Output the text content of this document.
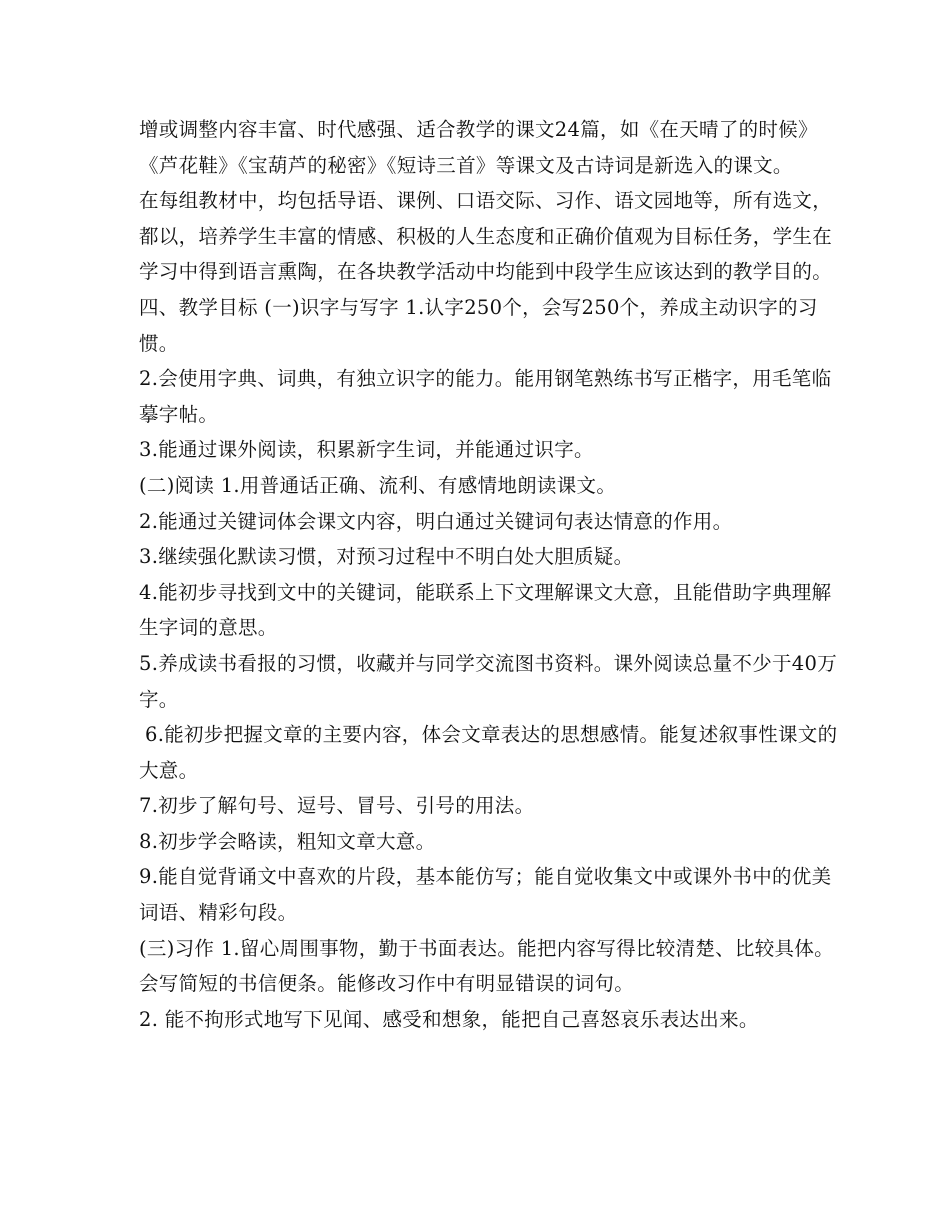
增或调整内容丰富、时代感强、适合教学的课文24篇，如《在天晴了的时候》《芦花鞋》《宝葫芦的秘密》《短诗三首》等课文及古诗词是新选入的课文。

在每组教材中，均包括导语、课例、口语交际、习作、语文园地等，所有选文，都以，培养学生丰富的情感、积极的人生态度和正确价值观为目标任务，学生在学习中得到语言熏陶，在各块教学活动中均能到中段学生应该达到的教学目的。

四、教学目标 (一)识字与写字 1.认字250个，会写250个，养成主动识字的习惯。

2.会使用字典、词典，有独立识字的能力。能用钢笔熟练书写正楷字，用毛笔临摹字帖。

3.能通过课外阅读，积累新字生词，并能通过识字。

(二)阅读 1.用普通话正确、流利、有感情地朗读课文。

2.能通过关键词体会课文内容，明白通过关键词句表达情意的作用。

3.继续强化默读习惯，对预习过程中不明白处大胆质疑。

4.能初步寻找到文中的关键词，能联系上下文理解课文大意，且能借助字典理解生字词的意思。

5.养成读书看报的习惯，收藏并与同学交流图书资料。课外阅读总量不少于40万字。

6.能初步把握文章的主要内容，体会文章表达的思想感情。能复述叙事性课文的大意。

7.初步了解句号、逗号、冒号、引号的用法。

8.初步学会略读，粗知文章大意。

9.能自觉背诵文中喜欢的片段，基本能仿写；能自觉收集文中或课外书中的优美词语、精彩句段。

(三)习作 1.留心周围事物，勤于书面表达。能把内容写得比较清楚、比较具体。会写简短的书信便条。能修改习作中有明显错误的词句。

2. 能不拘形式地写下见闻、感受和想象，能把自己喜怒哀乐表达出来。
